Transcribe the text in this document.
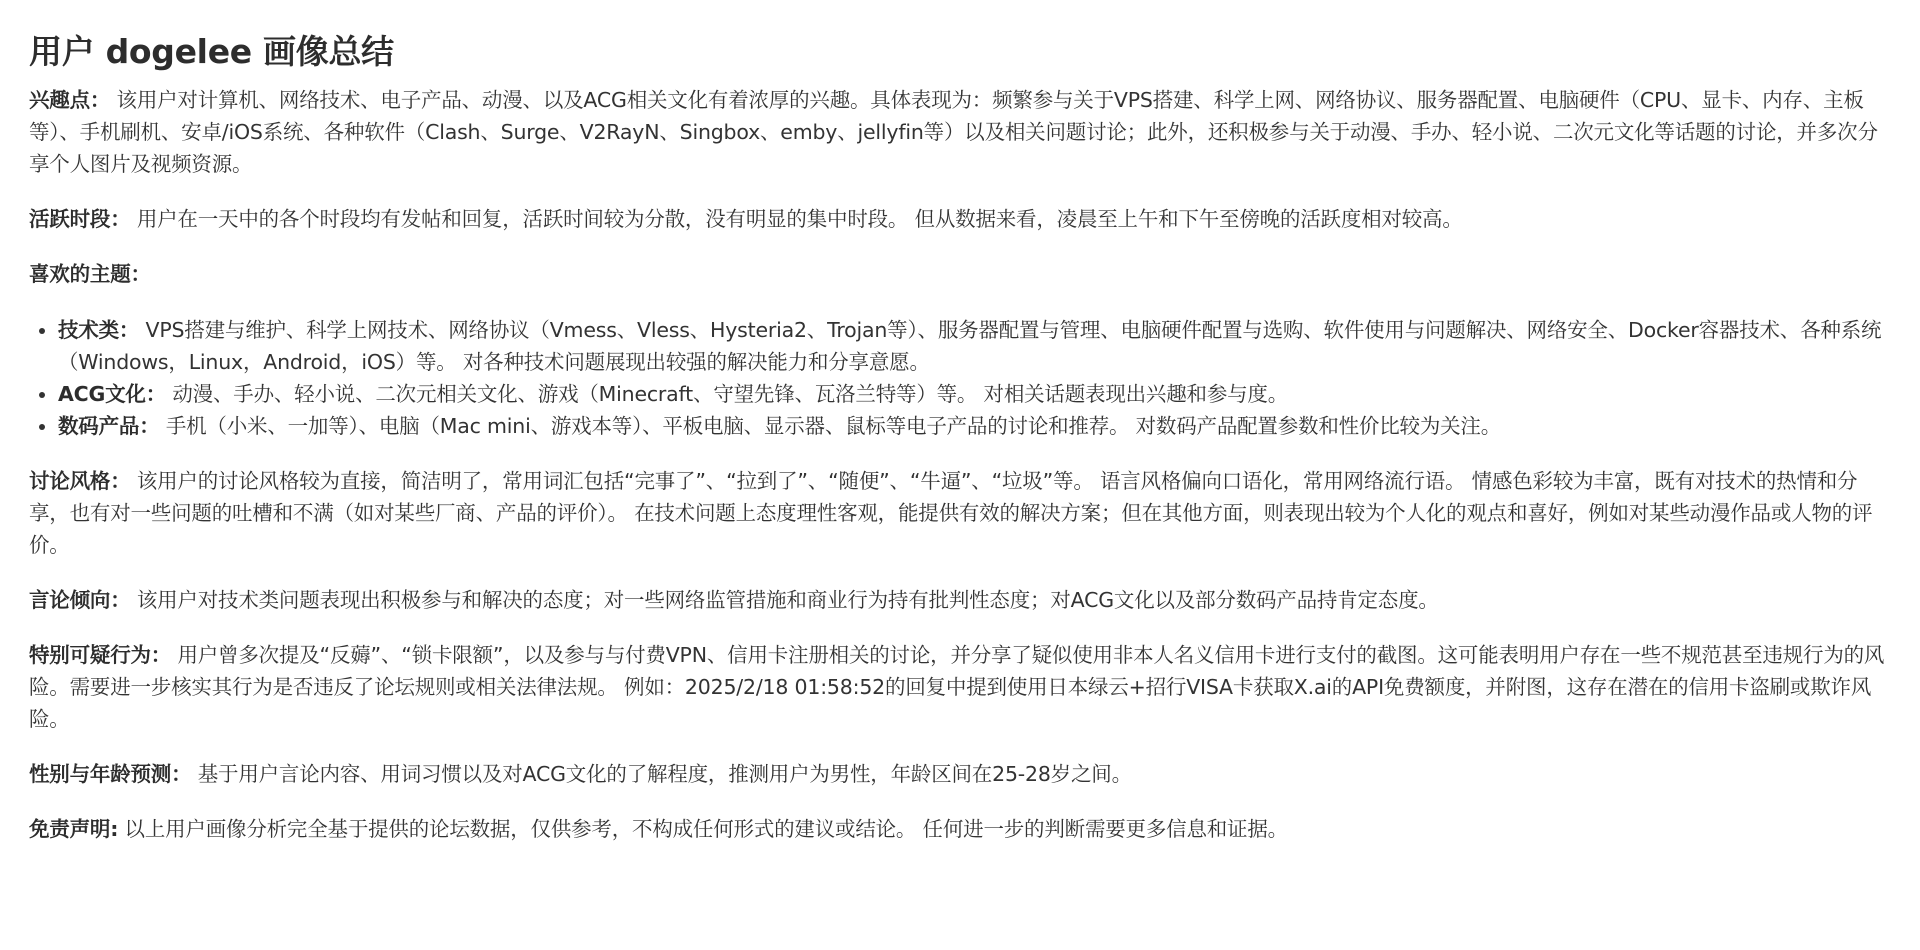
用户 dogelee 画像总结

兴趣点： 该用户对计算机、网络技术、电子产品、动漫、以及ACG相关文化有着浓厚的兴趣。具体表现为：频繁参与关于VPS搭建、科学上网、网络协议、服务器配置、电脑硬件（CPU、显卡、内存、主板等）、手机刷机、安卓/iOS系统、各种软件（Clash、Surge、V2RayN、Singbox、emby、jellyfin等）以及相关问题讨论；此外，还积极参与关于动漫、手办、轻小说、二次元文化等话题的讨论，并多次分享个人图片及视频资源。

活跃时段： 用户在一天中的各个时段均有发帖和回复，活跃时间较为分散，没有明显的集中时段。 但从数据来看，凌晨至上午和下午至傍晚的活跃度相对较高。

喜欢的主题：

• 技术类： VPS搭建与维护、科学上网技术、网络协议（Vmess、Vless、Hysteria2、Trojan等）、服务器配置与管理、电脑硬件配置与选购、软件使用与问题解决、网络安全、Docker容器技术、各种系统（Windows，Linux，Android，iOS）等。 对各种技术问题展现出较强的解决能力和分享意愿。
• ACG文化： 动漫、手办、轻小说、二次元相关文化、游戏（Minecraft、守望先锋、瓦洛兰特等）等。 对相关话题表现出兴趣和参与度。
• 数码产品： 手机（小米、一加等）、电脑（Mac mini、游戏本等）、平板电脑、显示器、鼠标等电子产品的讨论和推荐。 对数码产品配置参数和性价比较为关注。

讨论风格： 该用户的讨论风格较为直接，简洁明了，常用词汇包括“完事了”、“拉到了”、“随便”、“牛逼”、“垃圾”等。 语言风格偏向口语化，常用网络流行语。 情感色彩较为丰富，既有对技术的热情和分享，也有对一些问题的吐槽和不满（如对某些厂商、产品的评价）。 在技术问题上态度理性客观，能提供有效的解决方案；但在其他方面，则表现出较为个人化的观点和喜好，例如对某些动漫作品或人物的评价。

言论倾向： 该用户对技术类问题表现出积极参与和解决的态度；对一些网络监管措施和商业行为持有批判性态度；对ACG文化以及部分数码产品持肯定态度。

特别可疑行为： 用户曾多次提及“反薅”、“锁卡限额”，以及参与与付费VPN、信用卡注册相关的讨论，并分享了疑似使用非本人名义信用卡进行支付的截图。这可能表明用户存在一些不规范甚至违规行为的风险。需要进一步核实其行为是否违反了论坛规则或相关法律法规。 例如：2025/2/18 01:58:52的回复中提到使用日本绿云+招行VISA卡获取X.ai的API免费额度，并附图，这存在潜在的信用卡盗刷或欺诈风险。

性别与年龄预测： 基于用户言论内容、用词习惯以及对ACG文化的了解程度，推测用户为男性，年龄区间在25-28岁之间。

免责声明: 以上用户画像分析完全基于提供的论坛数据，仅供参考，不构成任何形式的建议或结论。 任何进一步的判断需要更多信息和证据。
